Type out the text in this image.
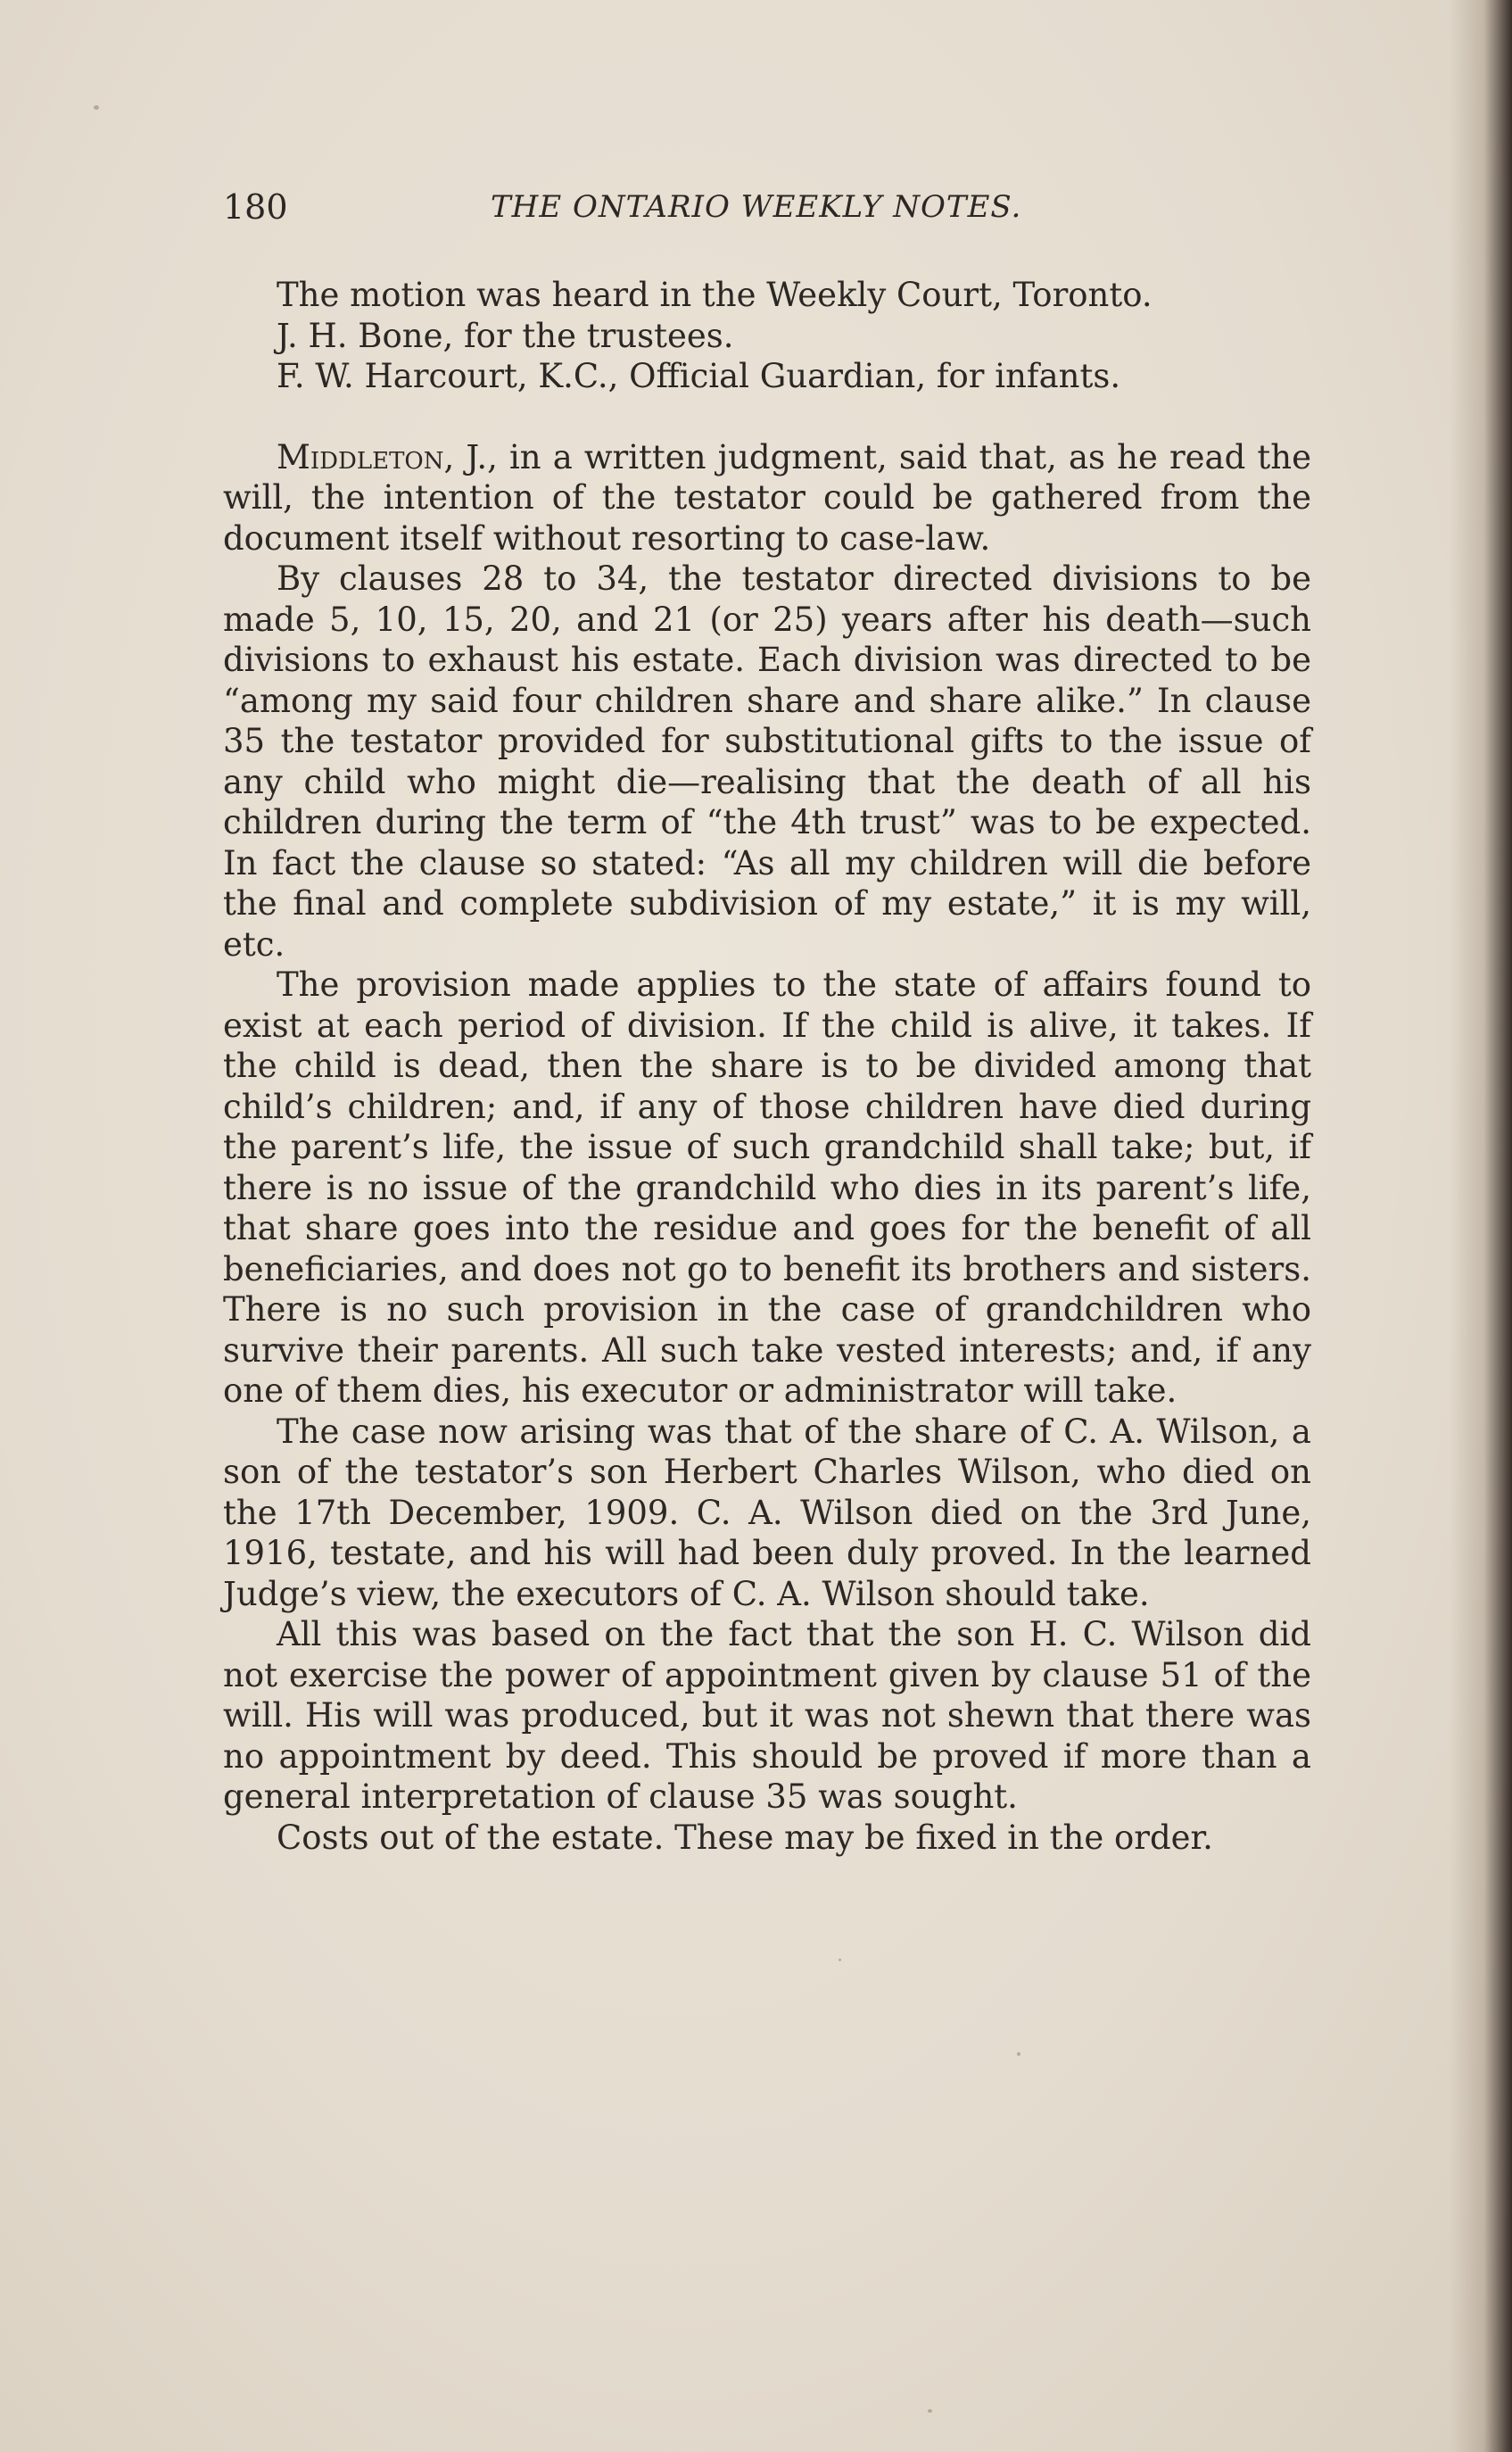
180	THE ONTARIO WEEKLY NOTES.

The motion was heard in the Weekly Court, Toronto.

J. H. Bone, for the trustees.

F. W. Harcourt, K.C., Official Guardian, for infants.

Middleton, J., in a written judgment, said that, as he read the will, the intention of the testator could be gathered from the document itself without resorting to case-law.

By clauses 28 to 34, the testator directed divisions to be made 5, 10, 15, 20, and 21 (or 25) years after his death—such divisions to exhaust his estate. Each division was directed to be “among my said four children share and share alike.” In clause 35 the testator provided for substitutional gifts to the issue of any child who might die—realising that the death of all his children during the term of “the 4th trust” was to be expected. In fact the clause so stated: “As all my children will die before the final and complete subdivision of my estate,” it is my will, etc.

The provision made applies to the state of affairs found to exist at each period of division. If the child is alive, it takes. If the child is dead, then the share is to be divided among that child’s children; and, if any of those children have died during the parent’s life, the issue of such grandchild shall take; but, if there is no issue of the grandchild who dies in its parent’s life, that share goes into the residue and goes for the benefit of all beneficiaries, and does not go to benefit its brothers and sisters. There is no such provision in the case of grandchildren who survive their parents. All such take vested interests; and, if any one of them dies, his executor or administrator will take.

The case now arising was that of the share of C. A. Wilson, a son of the testator’s son Herbert Charles Wilson, who died on the 17th December, 1909. C. A. Wilson died on the 3rd June, 1916, testate, and his will had been duly proved. In the learned Judge’s view, the executors of C. A. Wilson should take.

All this was based on the fact that the son H. C. Wilson did not exercise the power of appointment given by clause 51 of the will. His will was produced, but it was not shewn that there was no appointment by deed. This should be proved if more than a general interpretation of clause 35 was sought.

Costs out of the estate. These may be fixed in the order.
